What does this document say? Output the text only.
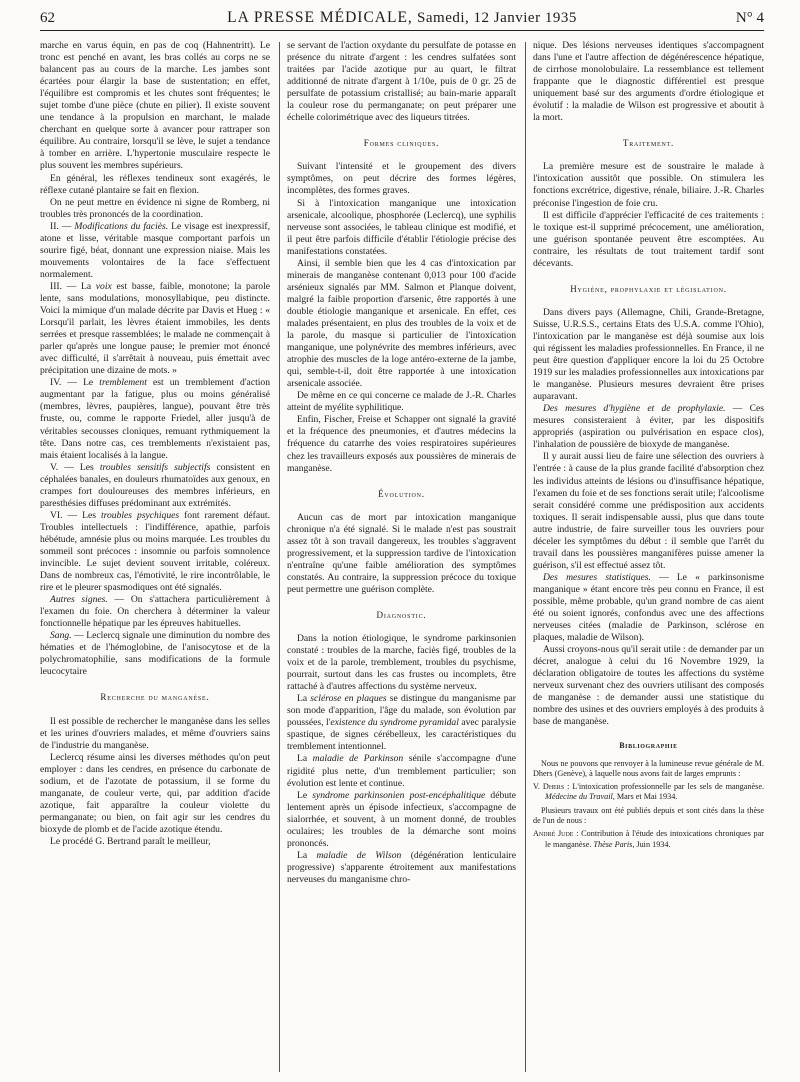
62	LA PRESSE MÉDICALE, Samedi, 12 Janvier 1935	N° 4

marche en varus équin, en pas de coq (Hahnentritt). Le tronc est penché en avant, les bras collés au corps ne se balancent pas au cours de la marche. Les jambes sont écartées pour élargir la base de sustentation; en effet, l'équilibre est compromis et les chutes sont fréquentes; le sujet tombe d'une pièce (chute en pilier). Il existe souvent une tendance à la propulsion en marchant, le malade cherchant en quelque sorte à avancer pour rattraper son équilibre. Au contraire, lorsqu'il se lève, le sujet a tendance à tomber en arrière. L'hypertonie musculaire respecte le plus souvent les membres supérieurs.

En général, les réflexes tendineux sont exagérés, le réflexe cutané plantaire se fait en flexion.

On ne peut mettre en évidence ni signe de Romberg, ni troubles très prononcés de la coordination.

II. — Modifications du faciès. Le visage est inexpressif, atone et lisse, véritable masque comportant parfois un sourire figé, béat, donnant une expression niaise. Mais les mouvements volontaires de la face s'effectuent normalement.

III. — La voix est basse, faible, monotone; la parole lente, sans modulations, monosyllabique, peu distincte. Voici la mimique d'un malade décrite par Davis et Hueg : « Lorsqu'il parlait, les lèvres étaient immobiles, les dents serrées et presque rassemblées; le malade ne commençait à parler qu'après une longue pause; le premier mot énoncé avec difficulté, il s'arrêtait à nouveau, puis émettait avec précipitation une dizaine de mots. »

IV. — Le tremblement est un tremblement d'action augmentant par la fatigue, plus ou moins généralisé (membres, lèvres, paupières, langue), pouvant être très fruste, ou, comme le rapporte Friedel, aller jusqu'à de véritables secousses cloniques, remuant rythmiquement la tête. Dans notre cas, ces tremblements n'existaient pas, mais étaient localisés à la langue.

V. — Les troubles sensitifs subjectifs consistent en céphalées banales, en douleurs rhumatoïdes aux genoux, en crampes fort douloureuses des membres inférieurs, en paresthésies diffuses prédominant aux extrémités.

VI. — Les troubles psychiques font rarement défaut. Troubles intellectuels : l'indifférence, apathie, parfois hébétude, amnésie plus ou moins marquée. Les troubles du sommeil sont précoces : insomnie ou parfois somnolence invincible. Le sujet devient souvent irritable, coléreux. Dans de nombreux cas, l'émotivité, le rire incontrôlable, le rire et le pleurer spasmodiques ont été signalés.

Autres signes. — On s'attachera particulièrement à l'examen du foie. On cherchera à déterminer la valeur fonctionnelle hépatique par les épreuves habituelles.

Sang. — Leclercq signale une diminution du nombre des hématies et de l'hémoglobine, de l'anisocytose et de la polychromatophilie, sans modifications de la formule leucocytaire

Recherche du manganèse.

Il est possible de rechercher le manganèse dans les selles et les urines d'ouvriers malades, et même d'ouvriers sains de l'industrie du manganèse.

Leclercq résume ainsi les diverses méthodes qu'on peut employer : dans les cendres, en présence du carbonate de sodium, et de l'azotate de potassium, il se forme du manganate, de couleur verte, qui, par addition d'acide azotique, fait apparaître la couleur violette du permanganate; ou bien, on fait agir sur les cendres du bioxyde de plomb et de l'acide azotique étendu.

Le procédé G. Bertrand paraît le meilleur,

se servant de l'action oxydante du persulfate de potasse en présence du nitrate d'argent : les cendres sulfatées sont traitées par l'acide azotique pur au quart, le filtrat additionné de nitrate d'argent à 1/10e, puis de 0 gr. 25 de persulfate de potassium cristallisé; au bain-marie apparaît la couleur rose du permanganate; on peut préparer une échelle colorimétrique avec des liqueurs titrées.

Formes cliniques.

Suivant l'intensité et le groupement des divers symptômes, on peut décrire des formes légères, incomplètes, des formes graves.

Si à l'intoxication manganique une intoxication arsenicale, alcoolique, phosphorée (Leclercq), une syphilis nerveuse sont associées, le tableau clinique est modifié, et il peut être parfois difficile d'établir l'étiologie précise des manifestations constatées.

Ainsi, il semble bien que les 4 cas d'intoxication par minerais de manganèse contenant 0,013 pour 100 d'acide arsénieux signalés par MM. Salmon et Planque doivent, malgré la faible proportion d'arsenic, être rapportés à une double étiologie manganique et arsenicale. En effet, ces malades présentaient, en plus des troubles de la voix et de la parole, du masque si particulier de l'intoxication manganique, une polynévrite des membres inférieurs, avec atrophie des muscles de la loge antéro-externe de la jambe, qui, semble-t-il, doit être rapportée à une intoxication arsenicale associée.

De même en ce qui concerne ce malade de J.-R. Charles atteint de myélite syphilitique.

Enfin, Fischer, Freise et Schapper ont signalé la gravité et la fréquence des pneumonies, et d'autres médecins la fréquence du catarrhe des voies respiratoires supérieures chez les travailleurs exposés aux poussières de minerais de manganèse.

Évolution.

Aucun cas de mort par intoxication manganique chronique n'a été signalé. Si le malade n'est pas soustrait assez tôt à son travail dangereux, les troubles s'aggravent progressivement, et la suppression tardive de l'intoxication n'entraîne qu'une faible amélioration des symptômes constatés. Au contraire, la suppression précoce du toxique peut permettre une guérison complète.

Diagnostic.

Dans la notion étiologique, le syndrome parkinsonien constaté : troubles de la marche, faciès figé, troubles de la voix et de la parole, tremblement, troubles du psychisme, pourrait, surtout dans les cas frustes ou incomplets, être rattaché à d'autres affections du système nerveux.

La sclérose en plaques se distingue du manganisme par son mode d'apparition, l'âge du malade, son évolution par poussées, l'existence du syndrome pyramidal avec paralysie spastique, de signes cérébelleux, les caractéristiques du tremblement intentionnel.

La maladie de Parkinson sénile s'accompagne d'une rigidité plus nette, d'un tremblement particulier; son évolution est lente et continue.

Le syndrome parkinsonien post-encéphalitique débute lentement après un épisode infectieux, s'accompagne de sialorrhée, et souvent, à un moment donné, de troubles oculaires; les troubles de la démarche sont moins prononcés.

La maladie de Wilson (dégénération lenticulaire progressive) s'apparente étroitement aux manifestations nerveuses du manganisme chro-

nique. Des lésions nerveuses identiques s'accompagnent dans l'une et l'autre affection de dégénérescence hépatique, de cirrhose monolobulaire. La ressemblance est tellement frappante que le diagnostic différentiel est presque uniquement basé sur des arguments d'ordre étiologique et évolutif : la maladie de Wilson est progressive et aboutit à la mort.

Traitement.

La première mesure est de soustraire le malade à l'intoxication aussitôt que possible. On stimulera les fonctions excrétrice, digestive, rénale, biliaire. J.-R. Charles préconise l'ingestion de foie cru.

Il est difficile d'apprécier l'efficacité de ces traitements : le toxique est-il supprimé précocement, une amélioration, une guérison spontanée peuvent être escomptées. Au contraire, les résultats de tout traitement tardif sont décevants.

Hygiène, prophylaxie et législation.

Dans divers pays (Allemagne, Chili, Grande-Bretagne, Suisse, U.R.S.S., certains Etats des U.S.A. comme l'Ohio), l'intoxication par le manganèse est déjà soumise aux lois qui régissent les maladies professionnelles. En France, il ne peut être question d'appliquer encore la loi du 25 Octobre 1919 sur les maladies professionnelles aux intoxications par le manganèse. Plusieurs mesures devraient être prises auparavant.

Des mesures d'hygiène et de prophylaxie. — Ces mesures consisteraient à éviter, par les dispositifs appropriés (aspiration ou pulvérisation en espace clos), l'inhalation de poussière de bioxyde de manganèse.

Il y aurait aussi lieu de faire une sélection des ouvriers à l'entrée : à cause de la plus grande facilité d'absorption chez les individus atteints de lésions ou d'insuffisance hépatique, l'examen du foie et de ses fonctions serait utile; l'alcoolisme serait considéré comme une prédisposition aux accidents toxiques. Il serait indispensable aussi, plus que dans toute autre industrie, de faire surveiller tous les ouvriers pour déceler les symptômes du début : il semble que l'arrêt du travail dans les poussières manganifères puisse amener la guérison, s'il est effectué assez tôt.

Des mesures statistiques. — Le « parkinsonisme manganique » étant encore très peu connu en France, il est possible, même probable, qu'un grand nombre de cas aient été ou soient ignorés, confondus avec une des affections nerveuses citées (maladie de Parkinson, sclérose en plaques, maladie de Wilson).

Aussi croyons-nous qu'il serait utile : de demander par un décret, analogue à celui du 16 Novembre 1929, la déclaration obligatoire de toutes les affections du système nerveux survenant chez des ouvriers utilisant des composés de manganèse : de demander aussi une statistique du nombre des usines et des ouvriers employés à des produits à base de manganèse.

Bibliographie

Nous ne pouvons que renvoyer à la lumineuse revue générale de M. Dhers (Genève), à laquelle nous avons fait de larges emprunts :

V. Dhers : L'intoxication professionnelle par les sels de manganèse. Médecine du Travail, Mars et Mai 1934.

Plusieurs travaux ont été publiés depuis et sont cités dans la thèse de l'un de nous :

André Jude : Contribution à l'étude des intoxications chroniques par le manganèse. Thèse Paris, Juin 1934.
